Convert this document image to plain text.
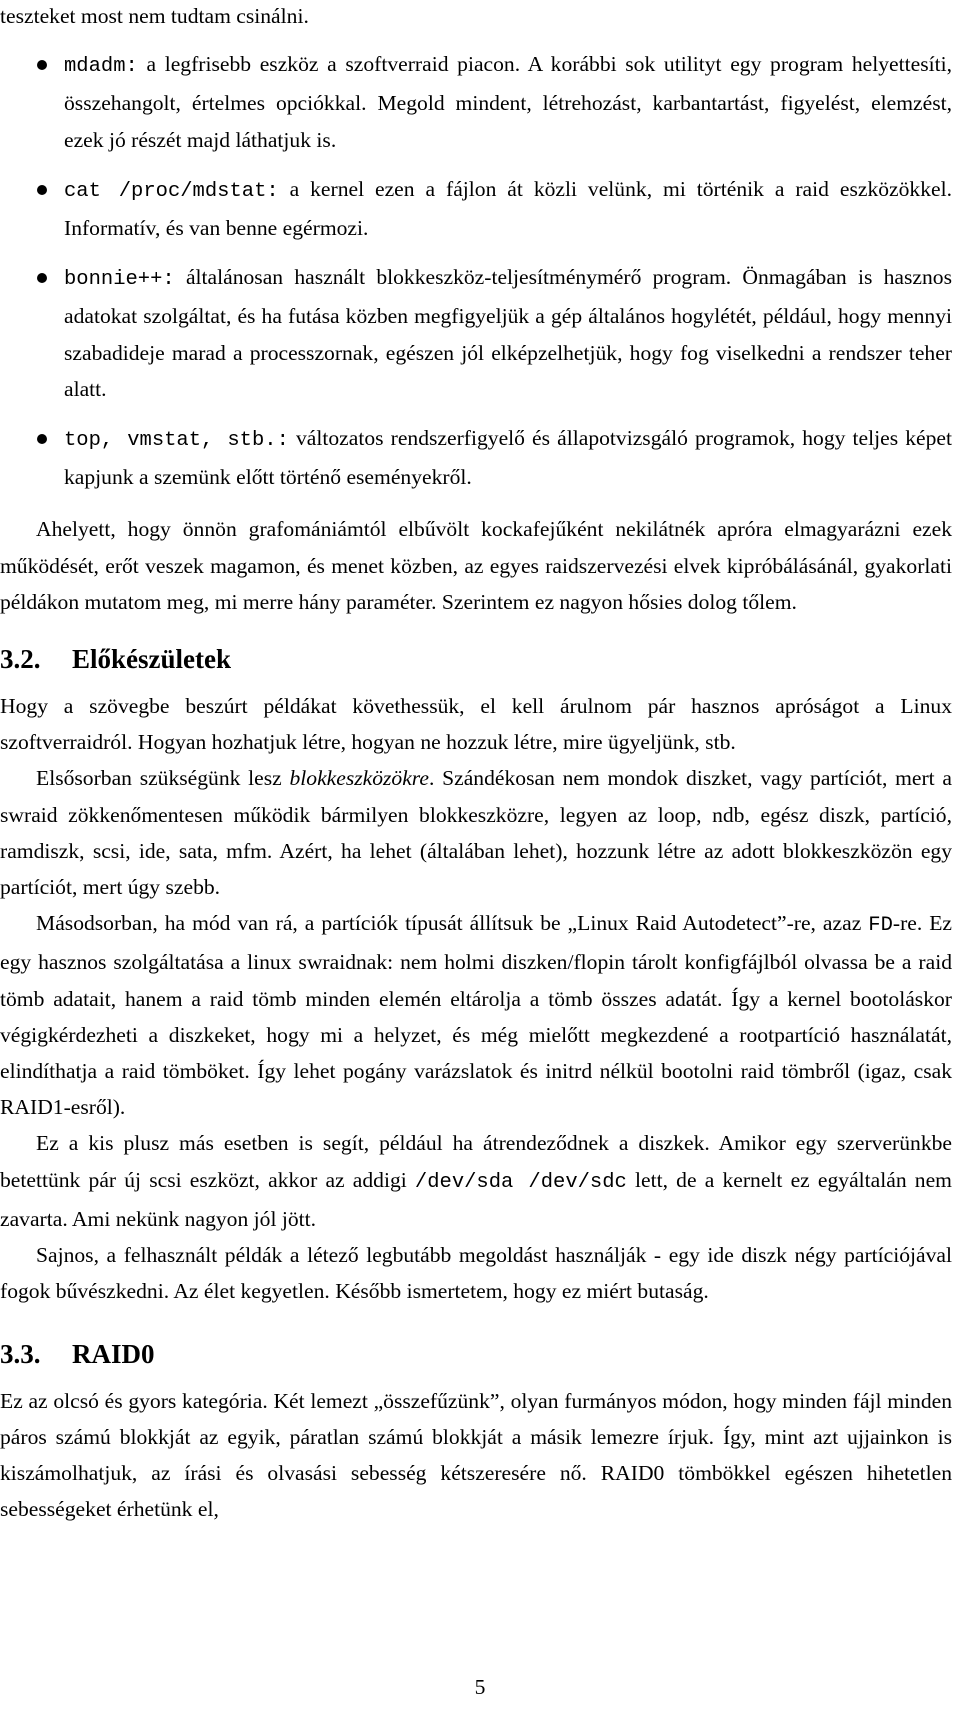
teszteket most nem tudtam csinálni.

mdadm: a legfrisebb eszköz a szoftverraid piacon. A korábbi sok utilityt egy program helyettesíti, összehangolt, értelmes opciókkal. Megold mindent, létrehozást, karbantartást, figyelést, elemzést, ezek jó részét majd láthatjuk is.
cat /proc/mdstat: a kernel ezen a fájlon át közli velünk, mi történik a raid eszközökkel. Informatív, és van benne egérmozi.
bonnie++: általánosan használt blokkeszköz-teljesítménymérő program. Önmagában is hasznos adatokat szolgáltat, és ha futása közben megfigyeljük a gép általános hogylétét, például, hogy mennyi szabadideje marad a processzornak, egészen jól elképzelhetjük, hogy fog viselkedni a rendszer teher alatt.
top, vmstat, stb.: változatos rendszerfigyelő és állapotvizsgáló programok, hogy teljes képet kapjunk a szemünk előtt történő eseményekről.

Ahelyett, hogy önnön grafomániámtól elbűvölt kockafejűként nekilátnék apróra elmagyarázni ezek működését, erőt veszek magamon, és menet közben, az egyes raidszervezési elvek kipróbálásánál, gyakorlati példákon mutatom meg, mi merre hány paraméter. Szerintem ez nagyon hősies dolog tőlem.

3.2.	Előkészületek

Hogy a szövegbe beszúrt példákat követhessük, el kell árulnom pár hasznos apróságot a Linux szoftverraidról. Hogyan hozhatjuk létre, hogyan ne hozzuk létre, mire ügyeljünk, stb.

Elsősorban szükségünk lesz blokkeszközökre. Szándékosan nem mondok diszket, vagy partíciót, mert a swraid zökkenőmentesen működik bármilyen blokkeszközre, legyen az loop, ndb, egész diszk, partíció, ramdiszk, scsi, ide, sata, mfm. Azért, ha lehet (általában lehet), hozzunk létre az adott blokkeszközön egy partíciót, mert úgy szebb.

Másodsorban, ha mód van rá, a partíciók típusát állítsuk be „Linux Raid Autodetect”-re, azaz FD-re. Ez egy hasznos szolgáltatása a linux swraidnak: nem holmi diszken/flopin tárolt konfigfájlból olvassa be a raid tömb adatait, hanem a raid tömb minden elemén eltárolja a tömb összes adatát. Így a kernel bootoláskor végigkérdezheti a diszkeket, hogy mi a helyzet, és még mielőtt megkezdené a rootpartíció használatát, elindíthatja a raid tömböket. Így lehet pogány varázslatok és initrd nélkül bootolni raid tömbről (igaz, csak RAID1-esről).

Ez a kis plusz más esetben is segít, például ha átrendeződnek a diszkek. Amikor egy szerverünkbe betettünk pár új scsi eszközt, akkor az addigi /dev/sda /dev/sdc lett, de a kernelt ez egyáltalán nem zavarta. Ami nekünk nagyon jól jött.

Sajnos, a felhasznált példák a létező legbutább megoldást használják - egy ide diszk négy partíciójával fogok bűvészkedni. Az élet kegyetlen. Később ismertetem, hogy ez miért butaság.

3.3.	RAID0

Ez az olcsó és gyors kategória. Két lemezt „összefűzünk”, olyan furmányos módon, hogy minden fájl minden páros számú blokkját az egyik, páratlan számú blokkját a másik lemezre írjuk. Így, mint azt ujjainkon is kiszámolhatjuk, az írási és olvasási sebesség kétszeresére nő. RAID0 tömbökkel egészen hihetetlen sebességeket érhetünk el,

5
